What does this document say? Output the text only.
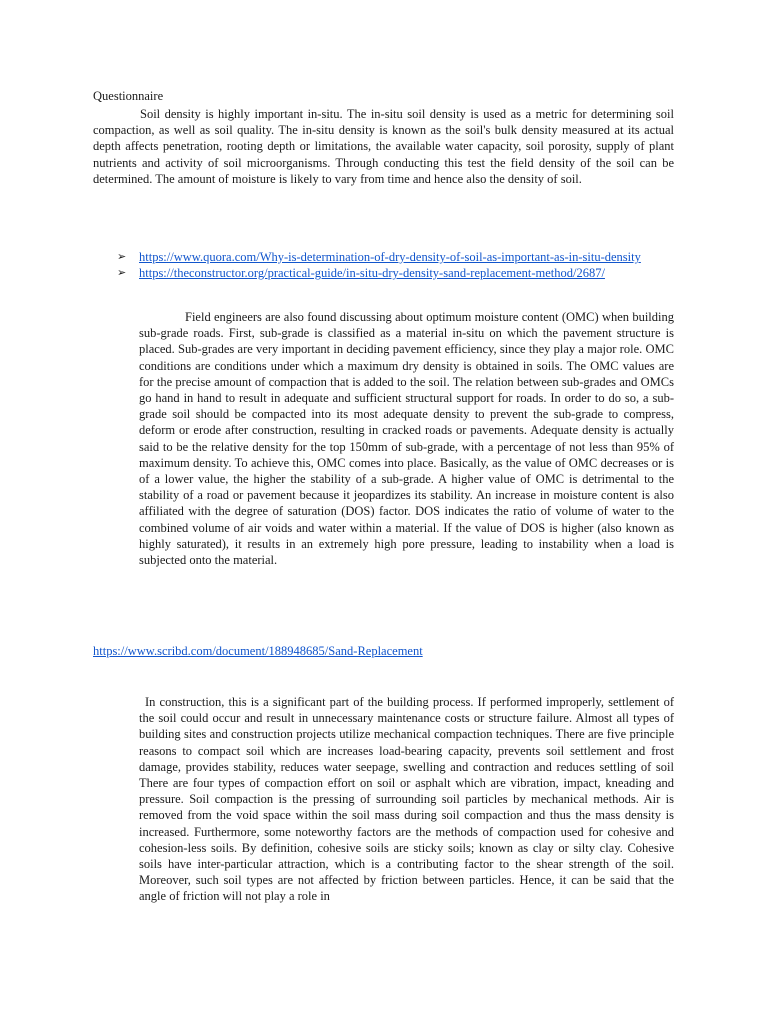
Questionnaire

Soil density is highly important in-situ. The in-situ soil density is used as a metric for determining soil compaction, as well as soil quality. The in-situ density is known as the soil's bulk density measured at its actual depth affects penetration, rooting depth or limitations, the available water capacity, soil porosity, supply of plant nutrients and activity of soil microorganisms. Through conducting this test the field density of the soil can be determined. The amount of moisture is likely to vary from time and hence also the density of soil.

➢ https://www.quora.com/Why-is-determination-of-dry-density-of-soil-as-important-as-in-situ-density
➢ https://theconstructor.org/practical-guide/in-situ-dry-density-sand-replacement-method/2687/

Field engineers are also found discussing about optimum moisture content (OMC) when building sub-grade roads. First, sub-grade is classified as a material in-situ on which the pavement structure is placed. Sub-grades are very important in deciding pavement efficiency, since they play a major role. OMC conditions are conditions under which a maximum dry density is obtained in soils. The OMC values are for the precise amount of compaction that is added to the soil. The relation between sub-grades and OMCs go hand in hand to result in adequate and sufficient structural support for roads. In order to do so, a sub-grade soil should be compacted into its most adequate density to prevent the sub-grade to compress, deform or erode after construction, resulting in cracked roads or pavements. Adequate density is actually said to be the relative density for the top 150mm of sub-grade, with a percentage of not less than 95% of maximum density. To achieve this, OMC comes into place. Basically, as the value of OMC decreases or is of a lower value, the higher the stability of a sub-grade. A higher value of OMC is detrimental to the stability of a road or pavement because it jeopardizes its stability. An increase in moisture content is also affiliated with the degree of saturation (DOS) factor. DOS indicates the ratio of volume of water to the combined volume of air voids and water within a material. If the value of DOS is higher (also known as highly saturated), it results in an extremely high pore pressure, leading to instability when a load is subjected onto the material.

https://www.scribd.com/document/188948685/Sand-Replacement

In construction, this is a significant part of the building process. If performed improperly, settlement of the soil could occur and result in unnecessary maintenance costs or structure failure. Almost all types of building sites and construction projects utilize mechanical compaction techniques. There are five principle reasons to compact soil which are increases load-bearing capacity, prevents soil settlement and frost damage, provides stability, reduces water seepage, swelling and contraction and reduces settling of soil There are four types of compaction effort on soil or asphalt which are vibration, impact, kneading and pressure. Soil compaction is the pressing of surrounding soil particles by mechanical methods. Air is removed from the void space within the soil mass during soil compaction and thus the mass density is increased. Furthermore, some noteworthy factors are the methods of compaction used for cohesive and cohesion-less soils. By definition, cohesive soils are sticky soils; known as clay or silty clay. Cohesive soils have inter-particular attraction, which is a contributing factor to the shear strength of the soil. Moreover, such soil types are not affected by friction between particles. Hence, it can be said that the angle of friction will not play a role in
